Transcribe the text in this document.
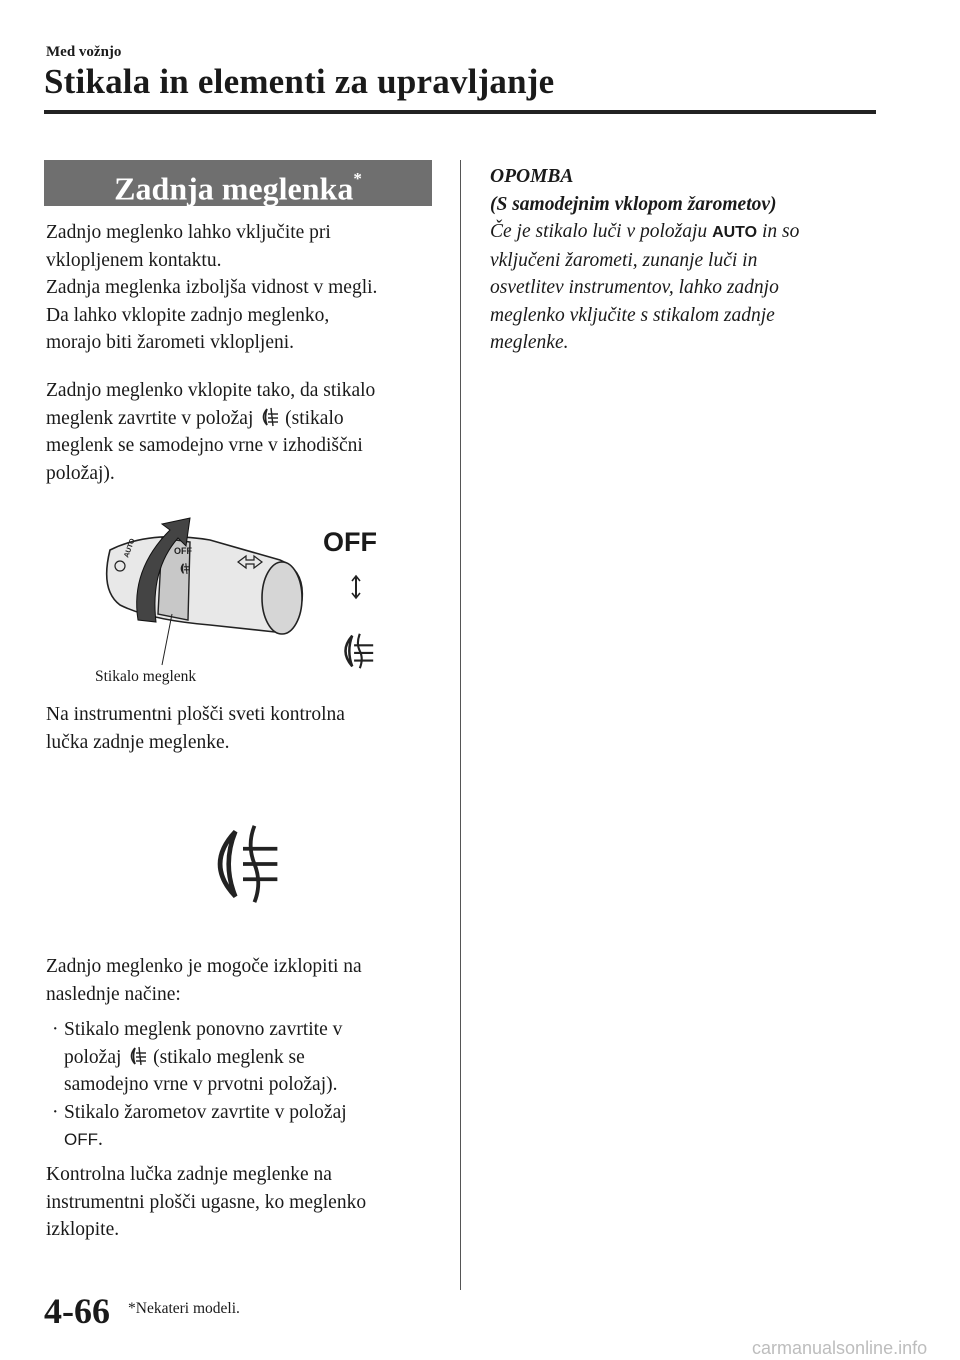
Med vožnjo
Stikala in elementi za upravljanje
Zadnja meglenka*
Zadnjo meglenko lahko vključite pri
vklopljenem kontaktu.
Zadnja meglenka izboljša vidnost v megli.
Da lahko vklopite zadnjo meglenko,
morajo biti žarometi vklopljeni.
Zadnjo meglenko vklopite tako, da stikalo
meglenk zavrtite v položaj  (stikalo
meglenk se samodejno vrne v izhodiščni
položaj).
OFF
AUTO	OFF
Stikalo meglenk
Na instrumentni plošči sveti kontrolna
lučka zadnje meglenke.
Zadnjo meglenko je mogoče izklopiti na
naslednje načine:
· Stikalo meglenk ponovno zavrtite v
položaj  (stikalo meglenk se
samodejno vrne v prvotni položaj).
· Stikalo žarometov zavrtite v položaj
OFF.
Kontrolna lučka zadnje meglenke na
instrumentni plošči ugasne, ko meglenko
izklopite.
OPOMBA
(S samodejnim vklopom žarometov)
Če je stikalo luči v položaju AUTO in so
vključeni žarometi, zunanje luči in
osvetlitev instrumentov, lahko zadnjo
meglenko vključite s stikalom zadnje
meglenke.
4-66 *Nekateri modeli.
carmanualsonline.info
